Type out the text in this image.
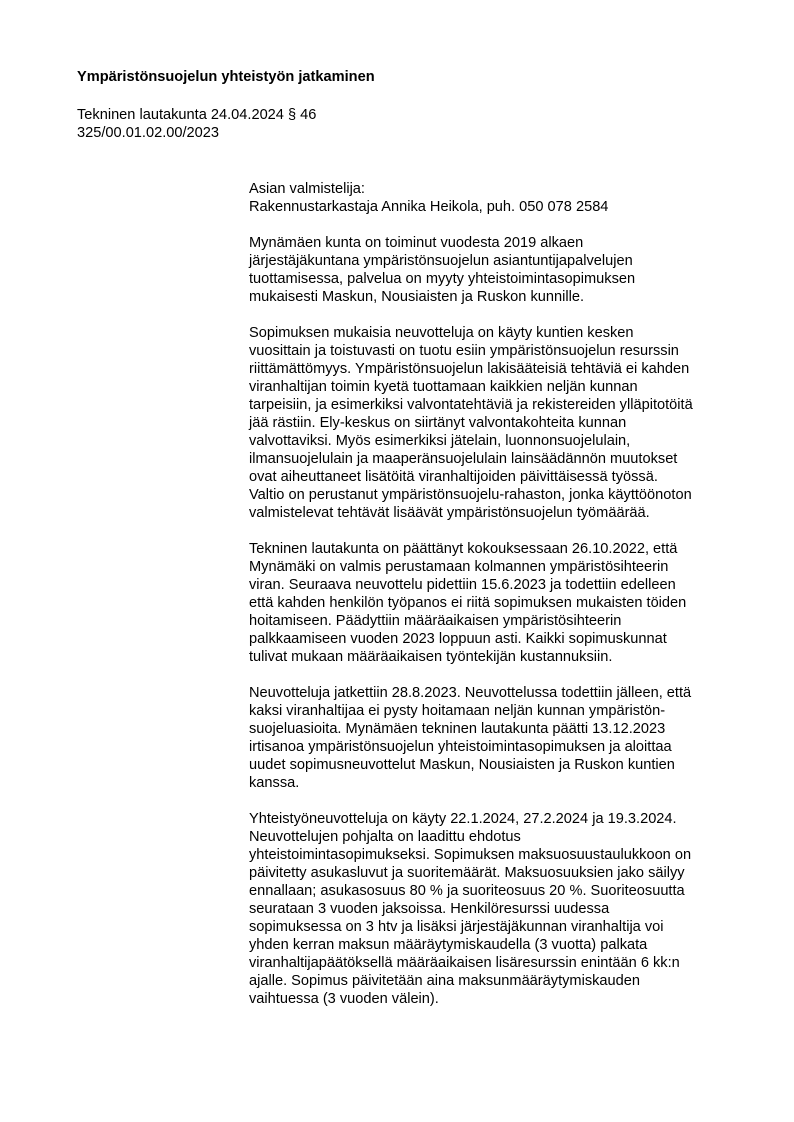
Ympäristönsuojelun yhteistyön jatkaminen
Tekninen lautakunta 24.04.2024 § 46
325/00.01.02.00/2023
Asian valmistelija:
Rakennustarkastaja Annika Heikola, puh. 050 078 2584
Mynämäen kunta on toiminut vuodesta 2019 alkaen
järjestäjäkuntana ympäristönsuojelun asiantuntijapalvelujen
tuottamisessa, palvelua on myyty yhteistoimintasopimuksen
mukaisesti Maskun, Nousiaisten ja Ruskon kunnille.
Sopimuksen mukaisia neuvotteluja on käyty kuntien kesken
vuosittain ja toistuvasti on tuotu esiin ympäristönsuojelun resurssin
riittämättömyys. Ympäristönsuojelun lakisääteisiä tehtäviä ei kahden
viranhaltijan toimin kyetä tuottamaan kaikkien neljän kunnan
tarpeisiin, ja esimerkiksi valvontatehtäviä ja rekistereiden ylläpitotöitä
jää rästiin. Ely-keskus on siirtänyt valvontakohteita kunnan
valvottaviksi. Myös esimerkiksi jätelain, luonnonsuojelulain,
ilmansuojelulain ja maaperänsuojelulain lainsäädännön muutokset
ovat aiheuttaneet lisätöitä viranhaltijoiden päivittäisessä työssä.
Valtio on perustanut ympäristönsuojelu-rahaston, jonka käyttöönoton
valmistelevat tehtävät lisäävät ympäristönsuojelun työmäärää.
Tekninen lautakunta on päättänyt kokouksessaan 26.10.2022, että
Mynämäki on valmis perustamaan kolmannen ympäristösihteerin
viran. Seuraava neuvottelu pidettiin 15.6.2023 ja todettiin edelleen
että kahden henkilön työpanos ei riitä sopimuksen mukaisten töiden
hoitamiseen. Päädyttiin määräaikaisen ympäristösihteerin
palkkaamiseen vuoden 2023 loppuun asti. Kaikki sopimuskunnat
tulivat mukaan määräaikaisen työntekijän kustannuksiin.
Neuvotteluja jatkettiin 28.8.2023. Neuvottelussa todettiin jälleen, että
kaksi viranhaltijaa ei pysty hoitamaan neljän kunnan ympäristön-
suojeluasioita. Mynämäen tekninen lautakunta päätti 13.12.2023
irtisanoa ympäristönsuojelun yhteistoimintasopimuksen ja aloittaa
uudet sopimusneuvottelut Maskun, Nousiaisten ja Ruskon kuntien
kanssa.
Yhteistyöneuvotteluja on käyty 22.1.2024, 27.2.2024 ja 19.3.2024.
Neuvottelujen pohjalta on laadittu ehdotus
yhteistoimintasopimukseksi. Sopimuksen maksuosuustaulukkoon on
päivitetty asukasluvut ja suoritemäärät. Maksuosuuksien jako säilyy
ennallaan; asukasosuus 80 % ja suoriteosuus 20 %. Suoriteosuutta
seurataan 3 vuoden jaksoissa. Henkilöresurssi uudessa
sopimuksessa on 3 htv ja lisäksi järjestäjäkunnan viranhaltija voi
yhden kerran maksun määräytymiskaudella (3 vuotta) palkata
viranhaltijapäätöksellä määräaikaisen lisäresurssin enintään 6 kk:n
ajalle. Sopimus päivitetään aina maksunmääräytymiskauden
vaihtuessa (3 vuoden välein).
